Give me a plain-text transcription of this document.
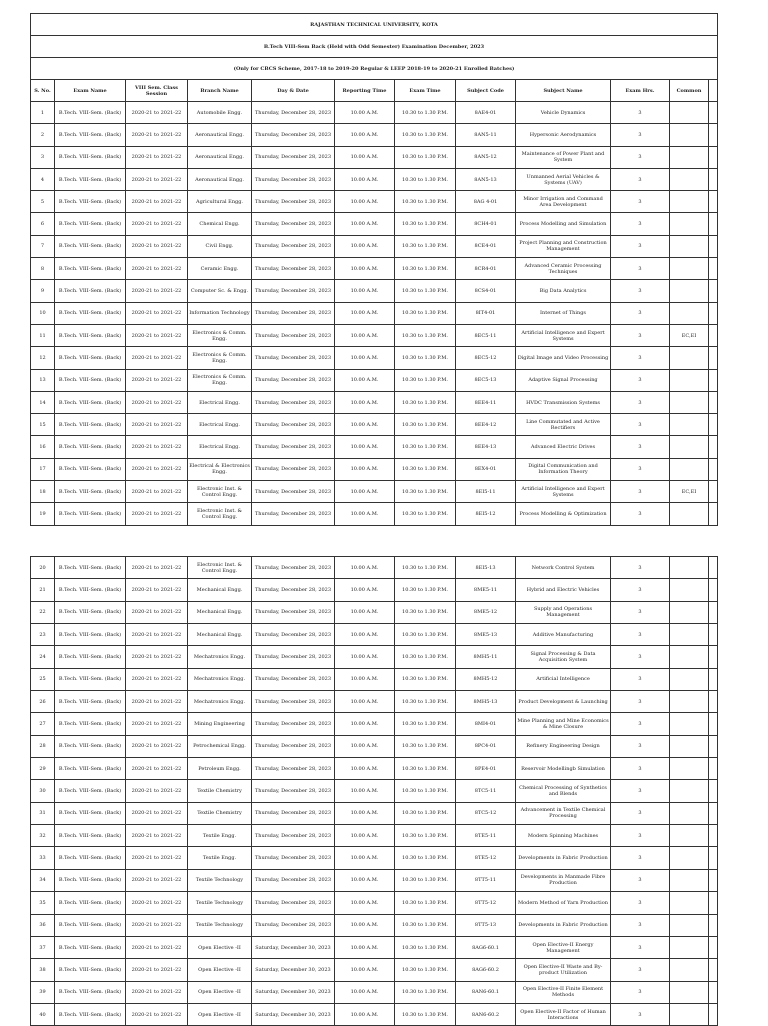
RAJASTHAN TECHNICAL UNIVERSITY, KOTA											
B.Tech VIII-Sem Back (Held with Odd Semester) Examination December, 2023											
(Only for CBCS Scheme, 2017-18 to 2019-20 Regular & LEEP 2018-19 to 2020-21 Enrolled Batches)											
S. No.	Exam Name	VIII Sem. Class Session	Branch Name	Day & Date	Reporting Time	Exam Time	Subject Code	Subject Name	Exam Hrs.	Common	
1	B.Tech. VIII-Sem. (Back)	2020-21 to 2021-22	Automobile Engg.	Thursday, December 28, 2023	10.00 A.M.	10.30 to 1.30 P.M.	8AE4-01	Vehicle Dynamics	3		
2	B.Tech. VIII-Sem. (Back)	2020-21 to 2021-22	Aeronautical Engg.	Thursday, December 28, 2023	10.00 A.M.	10.30 to 1.30 P.M.	8AN5-11	Hypersonic Aerodynamics	3		
3	B.Tech. VIII-Sem. (Back)	2020-21 to 2021-22	Aeronautical Engg.	Thursday, December 28, 2023	10.00 A.M.	10.30 to 1.30 P.M.	8AN5-12	Maintenance of Power Plant and System	3		
4	B.Tech. VIII-Sem. (Back)	2020-21 to 2021-22	Aeronautical Engg.	Thursday, December 28, 2023	10.00 A.M.	10.30 to 1.30 P.M.	8AN5-13	Unmanned Aerial Vehicles & Systems (UAV)	3		
5	B.Tech. VIII-Sem. (Back)	2020-21 to 2021-22	Agricultural Engg.	Thursday, December 28, 2023	10.00 A.M.	10.30 to 1.30 P.M.	8AG 4-01	Minor Irrigation and Command Area Development	3		
6	B.Tech. VIII-Sem. (Back)	2020-21 to 2021-22	Chemical Engg.	Thursday, December 28, 2023	10.00 A.M.	10.30 to 1.30 P.M.	8CH4-01	Process Modelling and Simulation	3		
7	B.Tech. VIII-Sem. (Back)	2020-21 to 2021-22	Civil Engg.	Thursday, December 28, 2023	10.00 A.M.	10.30 to 1.30 P.M.	8CE4-01	Project Planning and Construction Management	3		
8	B.Tech. VIII-Sem. (Back)	2020-21 to 2021-22	Ceramic Engg.	Thursday, December 28, 2023	10.00 A.M.	10.30 to 1.30 P.M.	8CR4-01	Advanced Ceramic Processing Techniques	3		
9	B.Tech. VIII-Sem. (Back)	2020-21 to 2021-22	Computer Sc. & Engg.	Thursday, December 28, 2023	10.00 A.M.	10.30 to 1.30 P.M.	8CS4-01	Big Data Analytics	3		
10	B.Tech. VIII-Sem. (Back)	2020-21 to 2021-22	Information Technology	Thursday, December 28, 2023	10.00 A.M.	10.30 to 1.30 P.M.	8IT4-01	Internet of Things	3		
11	B.Tech. VIII-Sem. (Back)	2020-21 to 2021-22	Electronics & Comm. Engg.	Thursday, December 28, 2023	10.00 A.M.	10.30 to 1.30 P.M.	8EC5-11	Artificial Intelligence and Expert Systems	3	EC,EI	
12	B.Tech. VIII-Sem. (Back)	2020-21 to 2021-22	Electronics & Comm. Engg.	Thursday, December 28, 2023	10.00 A.M.	10.30 to 1.30 P.M.	8EC5-12	Digital Image and Video Processing	3		
13	B.Tech. VIII-Sem. (Back)	2020-21 to 2021-22	Electronics & Comm. Engg.	Thursday, December 28, 2023	10.00 A.M.	10.30 to 1.30 P.M.	8EC5-13	Adaptive Signal Processing	3		
14	B.Tech. VIII-Sem. (Back)	2020-21 to 2021-22	Electrical Engg.	Thursday, December 28, 2023	10.00 A.M.	10.30 to 1.30 P.M.	8EE4-11	HVDC Transmission Systems	3		
15	B.Tech. VIII-Sem. (Back)	2020-21 to 2021-22	Electrical Engg.	Thursday, December 28, 2023	10.00 A.M.	10.30 to 1.30 P.M.	8EE4-12	Line Commutated and Active Rectifiers	3		
16	B.Tech. VIII-Sem. (Back)	2020-21 to 2021-22	Electrical Engg.	Thursday, December 28, 2023	10.00 A.M.	10.30 to 1.30 P.M.	8EE4-13	Advanced Electric Drives	3		
17	B.Tech. VIII-Sem. (Back)	2020-21 to 2021-22	Electrical & Electronics Engg.	Thursday, December 28, 2023	10.00 A.M.	10.30 to 1.30 P.M.	8EX4-01	Digital Communication and Information Theory	3		
18	B.Tech. VIII-Sem. (Back)	2020-21 to 2021-22	Electronic Inst. & Control Engg.	Thursday, December 28, 2023	10.00 A.M.	10.30 to 1.30 P.M.	8EI5-11	Artificial Intelligence and Expert Systems	3	EC,EI	
19	B.Tech. VIII-Sem. (Back)	2020-21 to 2021-22	Electronic Inst. & Control Engg.	Thursday, December 28, 2023	10.00 A.M.	10.30 to 1.30 P.M.	8EI5-12	Process Modelling & Optimization	3		
20	B.Tech. VIII-Sem. (Back)	2020-21 to 2021-22	Electronic Inst. & Control Engg.	Thursday, December 28, 2023	10.00 A.M.	10.30 to 1.30 P.M.	8EI5-13	Network Control System	3		
21	B.Tech. VIII-Sem. (Back)	2020-21 to 2021-22	Mechanical Engg.	Thursday, December 28, 2023	10.00 A.M.	10.30 to 1.30 P.M.	8ME5-11	Hybrid and Electric Vehicles	3		
22	B.Tech. VIII-Sem. (Back)	2020-21 to 2021-22	Mechanical Engg.	Thursday, December 28, 2023	10.00 A.M.	10.30 to 1.30 P.M.	8ME5-12	Supply and Operations Management	3		
23	B.Tech. VIII-Sem. (Back)	2020-21 to 2021-22	Mechanical Engg.	Thursday, December 28, 2023	10.00 A.M.	10.30 to 1.30 P.M.	8ME5-13	Additive Manufacturing	3		
24	B.Tech. VIII-Sem. (Back)	2020-21 to 2021-22	Mechatronics Engg.	Thursday, December 28, 2023	10.00 A.M.	10.30 to 1.30 P.M.	8MH5-11	Signal Processing & Data Acquisition System	3		
25	B.Tech. VIII-Sem. (Back)	2020-21 to 2021-22	Mechatronics Engg.	Thursday, December 28, 2023	10.00 A.M.	10.30 to 1.30 P.M.	8MH5-12	Artificial Intelligence	3		
26	B.Tech. VIII-Sem. (Back)	2020-21 to 2021-22	Mechatronics Engg.	Thursday, December 28, 2023	10.00 A.M.	10.30 to 1.30 P.M.	8MH5-13	Product Development & Launching	3		
27	B.Tech. VIII-Sem. (Back)	2020-21 to 2021-22	Mining Engineering	Thursday, December 28, 2023	10.00 A.M.	10.30 to 1.30 P.M.	8MI4-01	Mine Planning and Mine Economics & Mine Closure	3		
28	B.Tech. VIII-Sem. (Back)	2020-21 to 2021-22	Petrochemical Engg.	Thursday, December 28, 2023	10.00 A.M.	10.30 to 1.30 P.M.	8PC4-01	Refinery Engineering Design	3		
29	B.Tech. VIII-Sem. (Back)	2020-21 to 2021-22	Petroleum Engg.	Thursday, December 28, 2023	10.00 A.M.	10.30 to 1.30 P.M.	8PE4-01	Reservoir Modellingb Simulation	3		
30	B.Tech. VIII-Sem. (Back)	2020-21 to 2021-22	Textile Chemistry	Thursday, December 28, 2023	10.00 A.M.	10.30 to 1.30 P.M.	8TC5-11	Chemical Processing of Synthetics and Blends	3		
31	B.Tech. VIII-Sem. (Back)	2020-21 to 2021-22	Textile Chemistry	Thursday, December 28, 2023	10.00 A.M.	10.30 to 1.30 P.M.	8TC5-12	Advancement in Textile Chemical Processing	3		
32	B.Tech. VIII-Sem. (Back)	2020-21 to 2021-22	Textile Engg.	Thursday, December 28, 2023	10.00 A.M.	10.30 to 1.30 P.M.	8TE5-11	Modern Spinning Machines	3		
33	B.Tech. VIII-Sem. (Back)	2020-21 to 2021-22	Textile Engg.	Thursday, December 28, 2023	10.00 A.M.	10.30 to 1.30 P.M.	8TE5-12	Developments in Fabric Production	3		
34	B.Tech. VIII-Sem. (Back)	2020-21 to 2021-22	Textile Technology	Thursday, December 28, 2023	10.00 A.M.	10.30 to 1.30 P.M.	8TT5-11	Developments in Manmade Fibre Production	3		
35	B.Tech. VIII-Sem. (Back)	2020-21 to 2021-22	Textile Technology	Thursday, December 28, 2023	10.00 A.M.	10.30 to 1.30 P.M.	8TT5-12	Modern Method of Yarn Production	3		
36	B.Tech. VIII-Sem. (Back)	2020-21 to 2021-22	Textile Technology	Thursday, December 28, 2023	10.00 A.M.	10.30 to 1.30 P.M.	8TT5-13	Developments in Fabric Production	3		
37	B.Tech. VIII-Sem. (Back)	2020-21 to 2021-22	Open Elective -II	Saturday, December 30, 2023	10.00 A.M.	10.30 to 1.30 P.M.	8AG6-60.1	Open Elective-II Energy Management	3		
38	B.Tech. VIII-Sem. (Back)	2020-21 to 2021-22	Open Elective -II	Saturday, December 30, 2023	10.00 A.M.	10.30 to 1.30 P.M.	8AG6-60.2	Open Elective-II Waste and By-product Utilization	3		
39	B.Tech. VIII-Sem. (Back)	2020-21 to 2021-22	Open Elective -II	Saturday, December 30, 2023	10.00 A.M.	10.30 to 1.30 P.M.	8AN6-60.1	Open Elective-II Finite Element Methods	3		
40	B.Tech. VIII-Sem. (Back)	2020-21 to 2021-22	Open Elective -II	Saturday, December 30, 2023	10.00 A.M.	10.30 to 1.30 P.M.	8AN6-60.2	Open Elective-II Factor of Human Interactions	3		
